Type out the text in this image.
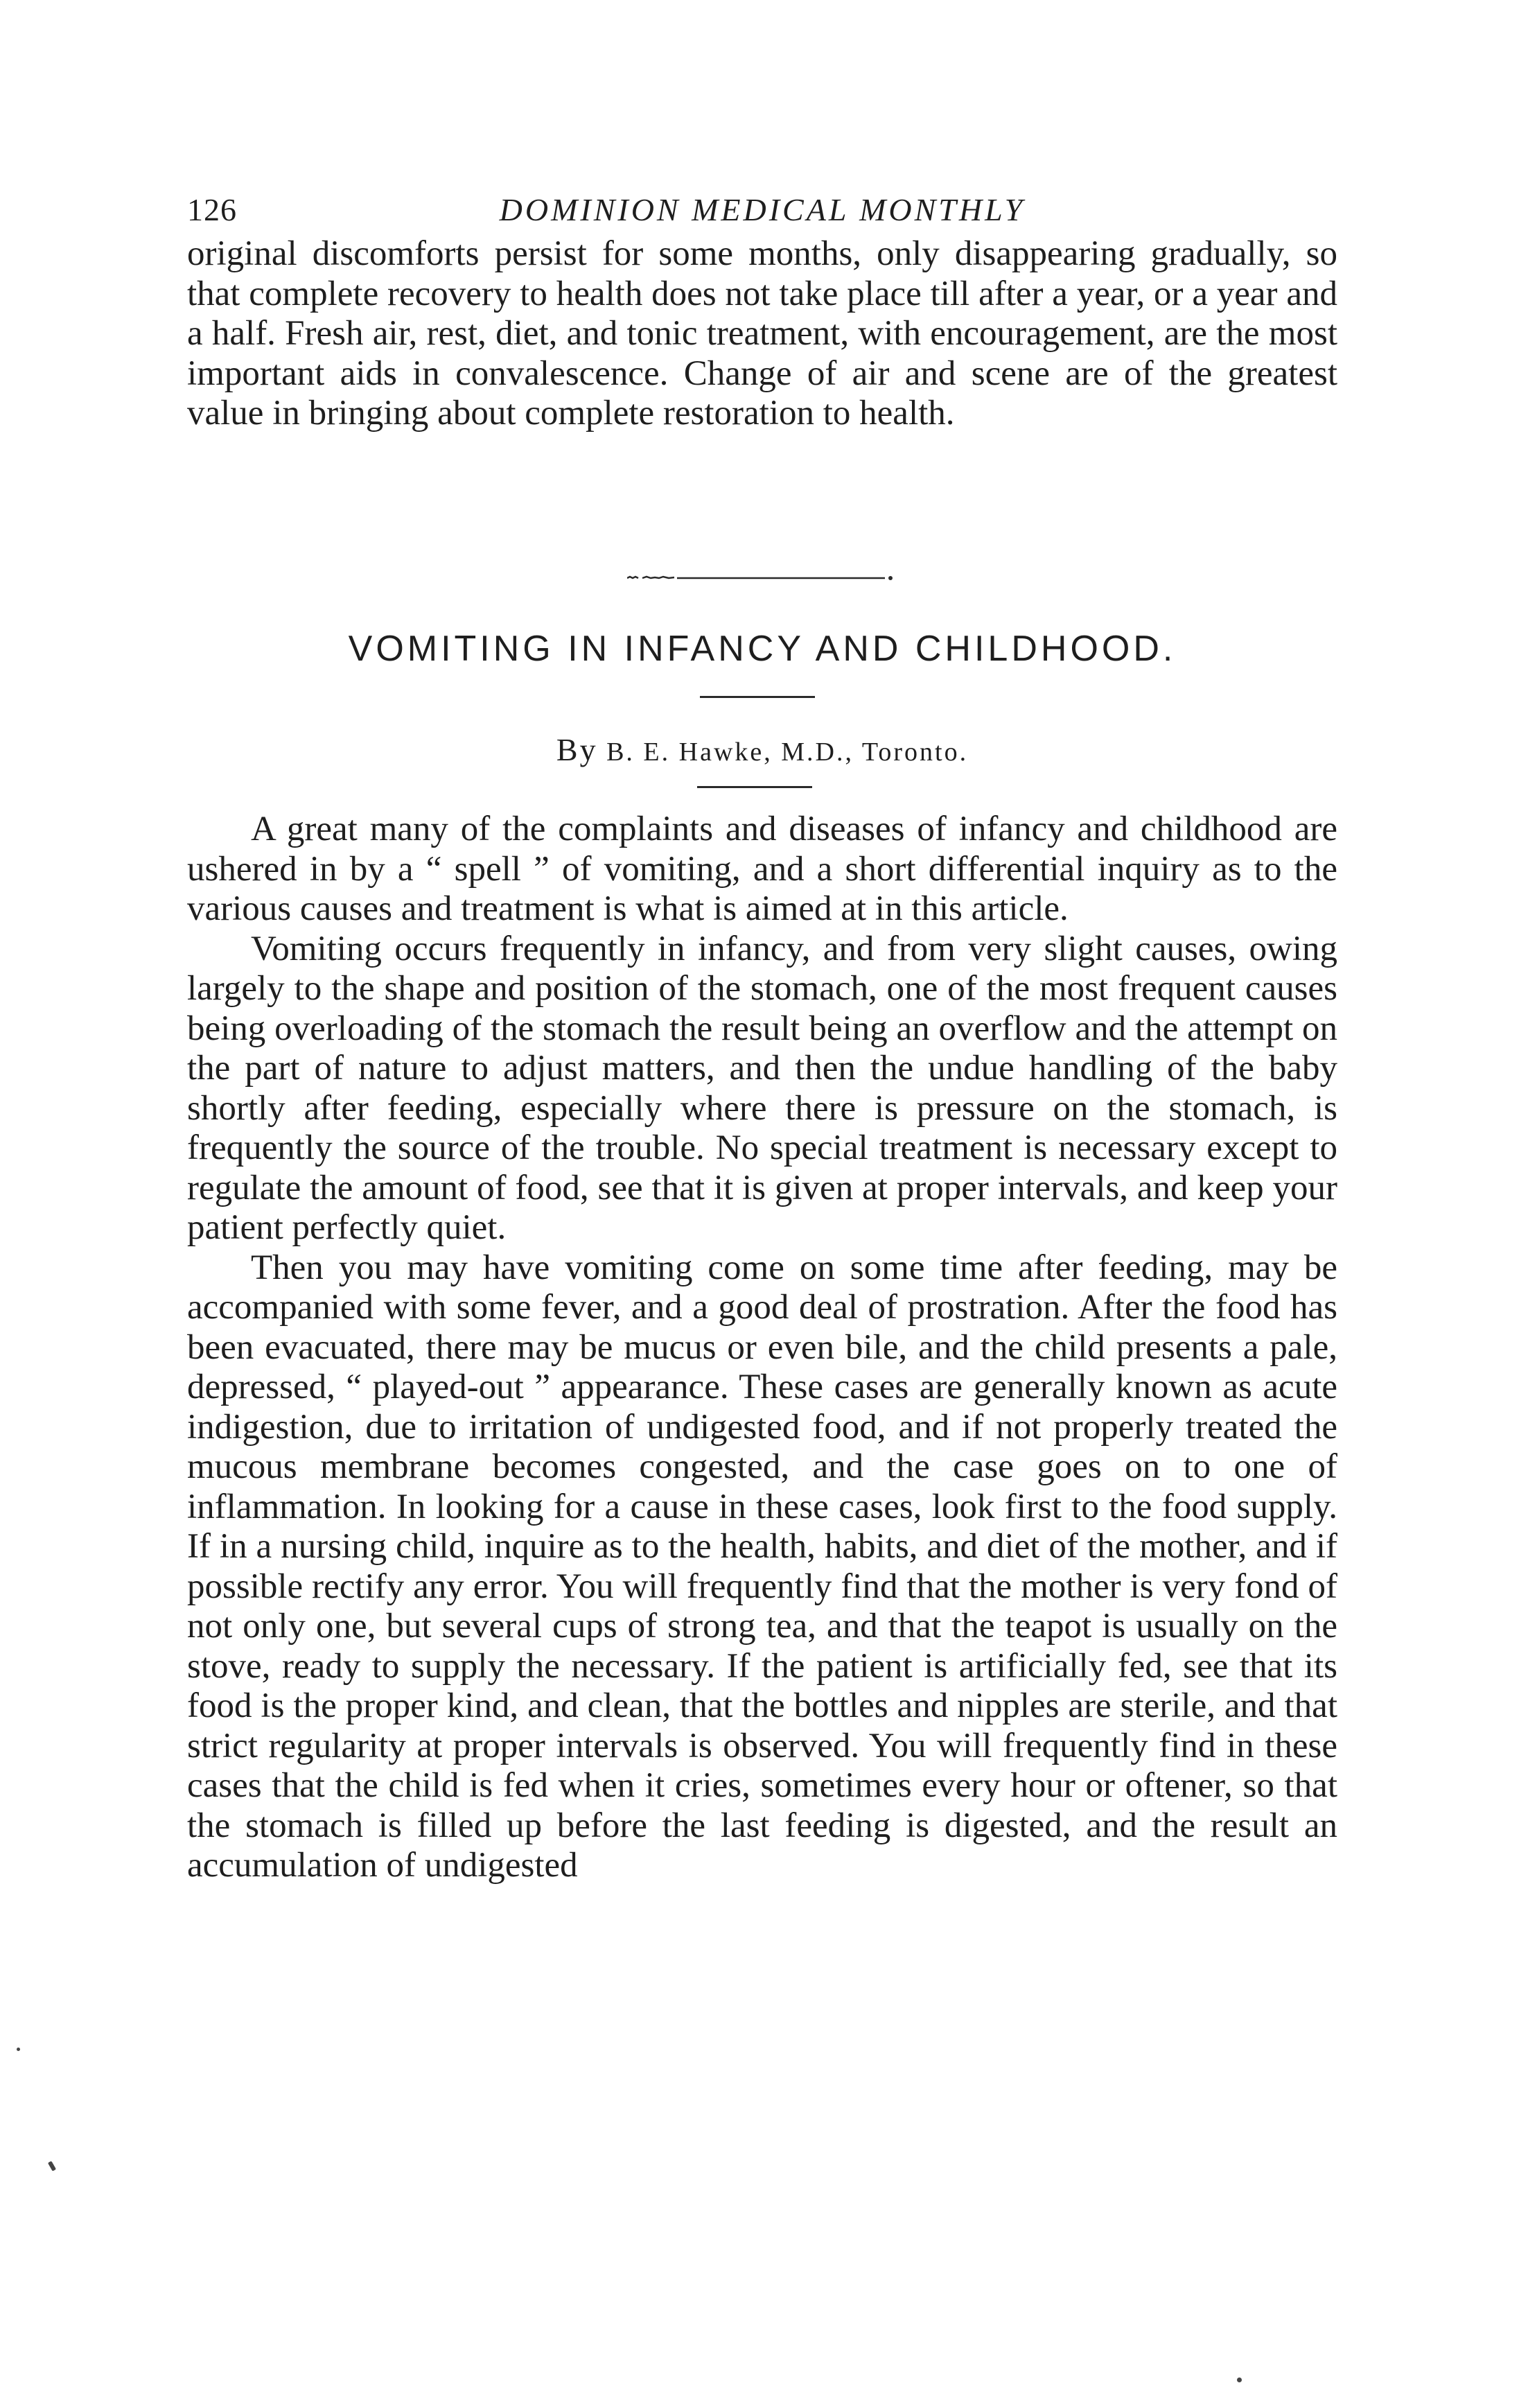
126	DOMINION MEDICAL MONTHLY

original discomforts persist for some months, only disappearing gradually, so that complete recovery to health does not take place till after a year, or a year and a half. Fresh air, rest, diet, and tonic treatment, with encouragement, are the most important aids in convalescence. Change of air and scene are of the greatest value in bringing about complete restoration to health.

VOMITING IN INFANCY AND CHILDHOOD.
By B. E. Hawke, M.D., Toronto.

A great many of the complaints and diseases of infancy and childhood are ushered in by a “ spell ” of vomiting, and a short differential inquiry as to the various causes and treatment is what is aimed at in this article.

Vomiting occurs frequently in infancy, and from very slight causes, owing largely to the shape and position of the stomach, one of the most frequent causes being overloading of the stomach the result being an overflow and the attempt on the part of nature to adjust matters, and then the undue handling of the baby shortly after feeding, especially where there is pressure on the stomach, is frequently the source of the trouble. No special treatment is necessary except to regulate the amount of food, see that it is given at proper intervals, and keep your patient perfectly quiet.

Then you may have vomiting come on some time after feeding, may be accompanied with some fever, and a good deal of prostration. After the food has been evacuated, there may be mucus or even bile, and the child presents a pale, depressed, “ played-out ” appearance. These cases are generally known as acute indigestion, due to irritation of undigested food, and if not properly treated the mucous membrane becomes congested, and the case goes on to one of inflammation. In looking for a cause in these cases, look first to the food supply. If in a nursing child, inquire as to the health, habits, and diet of the mother, and if possible rectify any error. You will frequently find that the mother is very fond of not only one, but several cups of strong tea, and that the teapot is usually on the stove, ready to supply the necessary. If the patient is artificially fed, see that its food is the proper kind, and clean, that the bottles and nipples are sterile, and that strict regularity at proper intervals is observed. You will frequently find in these cases that the child is fed when it cries, sometimes every hour or oftener, so that the stomach is filled up before the last feeding is digested, and the result an accumulation of undigested
